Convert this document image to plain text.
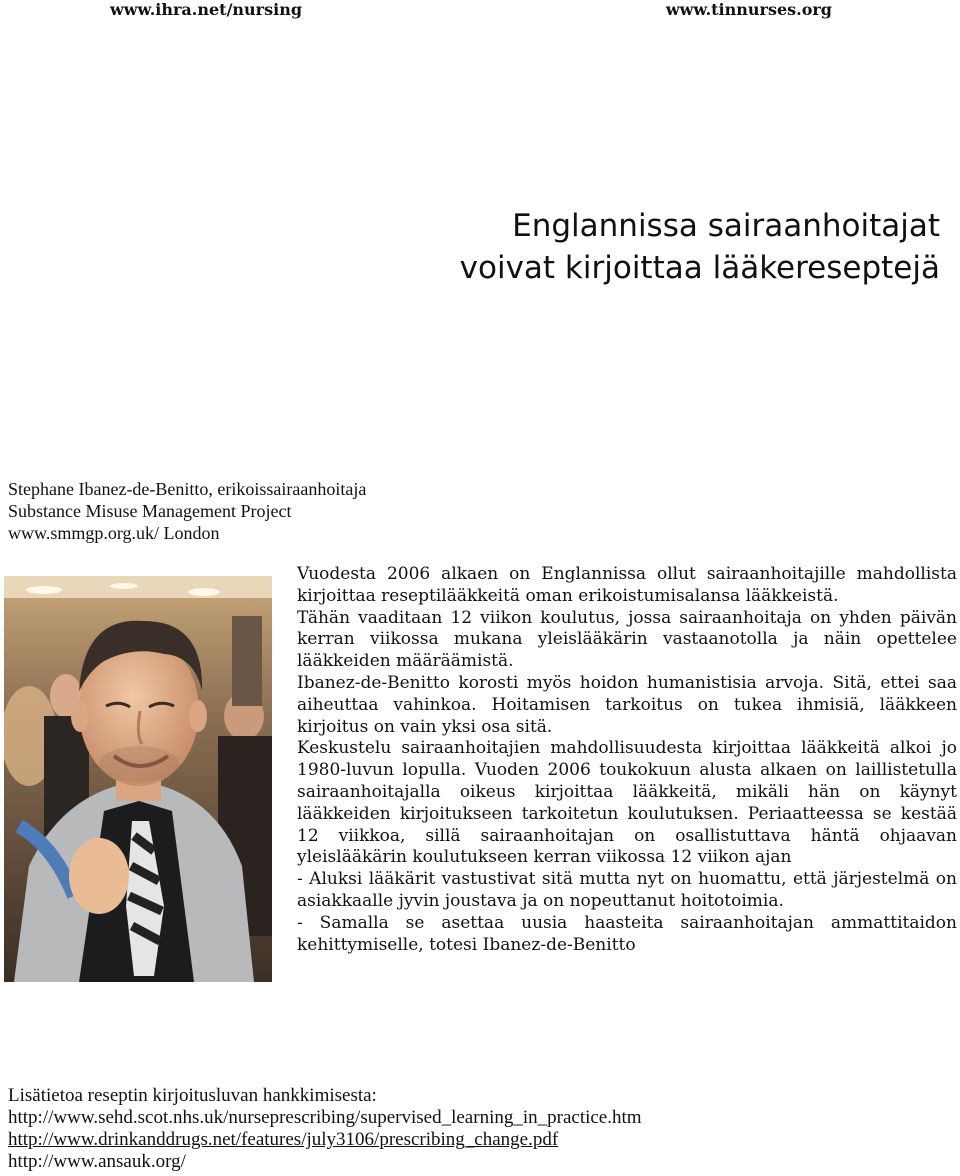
www.ihra.net/nursing	www.tinnurses.org
Englannissa sairaanhoitajat
voivat kirjoittaa lääkereseptejä
Stephane Ibanez-de-Benitto, erikoissairaanhoitaja
Substance Misuse Management Project
www.smmgp.org.uk/ London

Vuodesta 2006 alkaen on Englannissa ollut sairaanhoitajille mahdollista kirjoittaa reseptilääkkeitä oman erikoistumisalansa lääkkeistä.

Tähän vaaditaan 12 viikon koulutus, jossa sairaanhoitaja on yhden päivän kerran viikossa mukana yleislääkärin vastaanotolla ja näin opettelee lääkkeiden määräämistä.

Ibanez-de-Benitto korosti myös hoidon humanistisia arvoja. Sitä, ettei saa aiheuttaa vahinkoa. Hoitamisen tarkoitus on tukea ihmisiä, lääkkeen kirjoitus on vain yksi osa sitä.

Keskustelu sairaanhoitajien mahdollisuudesta kirjoittaa lääkkeitä alkoi jo 1980-luvun lopulla. Vuoden 2006 toukokuun alusta alkaen on laillistetulla sairaanhoitajalla oikeus kirjoittaa lääkkeitä, mikäli hän on käynyt lääkkeiden kirjoitukseen tarkoitetun koulutuksen. Periaatteessa se kestää 12 viikkoa, sillä sairaanhoitajan on osallistuttava häntä ohjaavan yleislääkärin koulutukseen kerran viikossa 12 viikon ajan

- Aluksi lääkärit vastustivat sitä mutta nyt on huomattu, että järjestelmä on asiakkaalle jyvin joustava ja on nopeuttanut hoitotoimia.

- Samalla se asettaa uusia haasteita sairaanhoitajan ammattitaidon kehittymiselle, totesi Ibanez-de-Benitto

Lisätietoa reseptin kirjoitusluvan hankkimisesta:
http://www.sehd.scot.nhs.uk/nurseprescribing/supervised_learning_in_practice.htm
http://www.drinkanddrugs.net/features/july3106/prescribing_change.pdf
http://www.ansauk.org/
